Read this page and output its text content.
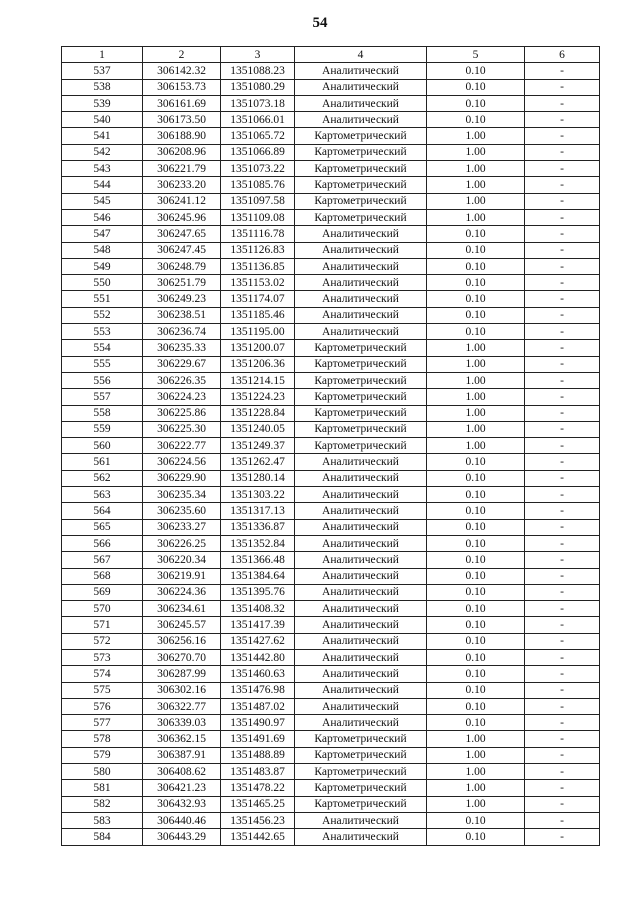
54
1	2	3	4	5	6
537	306142.32	1351088.23	Аналитический	0.10	-
538	306153.73	1351080.29	Аналитический	0.10	-
539	306161.69	1351073.18	Аналитический	0.10	-
540	306173.50	1351066.01	Аналитический	0.10	-
541	306188.90	1351065.72	Картометрический	1.00	-
542	306208.96	1351066.89	Картометрический	1.00	-
543	306221.79	1351073.22	Картометрический	1.00	-
544	306233.20	1351085.76	Картометрический	1.00	-
545	306241.12	1351097.58	Картометрический	1.00	-
546	306245.96	1351109.08	Картометрический	1.00	-
547	306247.65	1351116.78	Аналитический	0.10	-
548	306247.45	1351126.83	Аналитический	0.10	-
549	306248.79	1351136.85	Аналитический	0.10	-
550	306251.79	1351153.02	Аналитический	0.10	-
551	306249.23	1351174.07	Аналитический	0.10	-
552	306238.51	1351185.46	Аналитический	0.10	-
553	306236.74	1351195.00	Аналитический	0.10	-
554	306235.33	1351200.07	Картометрический	1.00	-
555	306229.67	1351206.36	Картометрический	1.00	-
556	306226.35	1351214.15	Картометрический	1.00	-
557	306224.23	1351224.23	Картометрический	1.00	-
558	306225.86	1351228.84	Картометрический	1.00	-
559	306225.30	1351240.05	Картометрический	1.00	-
560	306222.77	1351249.37	Картометрический	1.00	-
561	306224.56	1351262.47	Аналитический	0.10	-
562	306229.90	1351280.14	Аналитический	0.10	-
563	306235.34	1351303.22	Аналитический	0.10	-
564	306235.60	1351317.13	Аналитический	0.10	-
565	306233.27	1351336.87	Аналитический	0.10	-
566	306226.25	1351352.84	Аналитический	0.10	-
567	306220.34	1351366.48	Аналитический	0.10	-
568	306219.91	1351384.64	Аналитический	0.10	-
569	306224.36	1351395.76	Аналитический	0.10	-
570	306234.61	1351408.32	Аналитический	0.10	-
571	306245.57	1351417.39	Аналитический	0.10	-
572	306256.16	1351427.62	Аналитический	0.10	-
573	306270.70	1351442.80	Аналитический	0.10	-
574	306287.99	1351460.63	Аналитический	0.10	-
575	306302.16	1351476.98	Аналитический	0.10	-
576	306322.77	1351487.02	Аналитический	0.10	-
577	306339.03	1351490.97	Аналитический	0.10	-
578	306362.15	1351491.69	Картометрический	1.00	-
579	306387.91	1351488.89	Картометрический	1.00	-
580	306408.62	1351483.87	Картометрический	1.00	-
581	306421.23	1351478.22	Картометрический	1.00	-
582	306432.93	1351465.25	Картометрический	1.00	-
583	306440.46	1351456.23	Аналитический	0.10	-
584	306443.29	1351442.65	Аналитический	0.10	-
